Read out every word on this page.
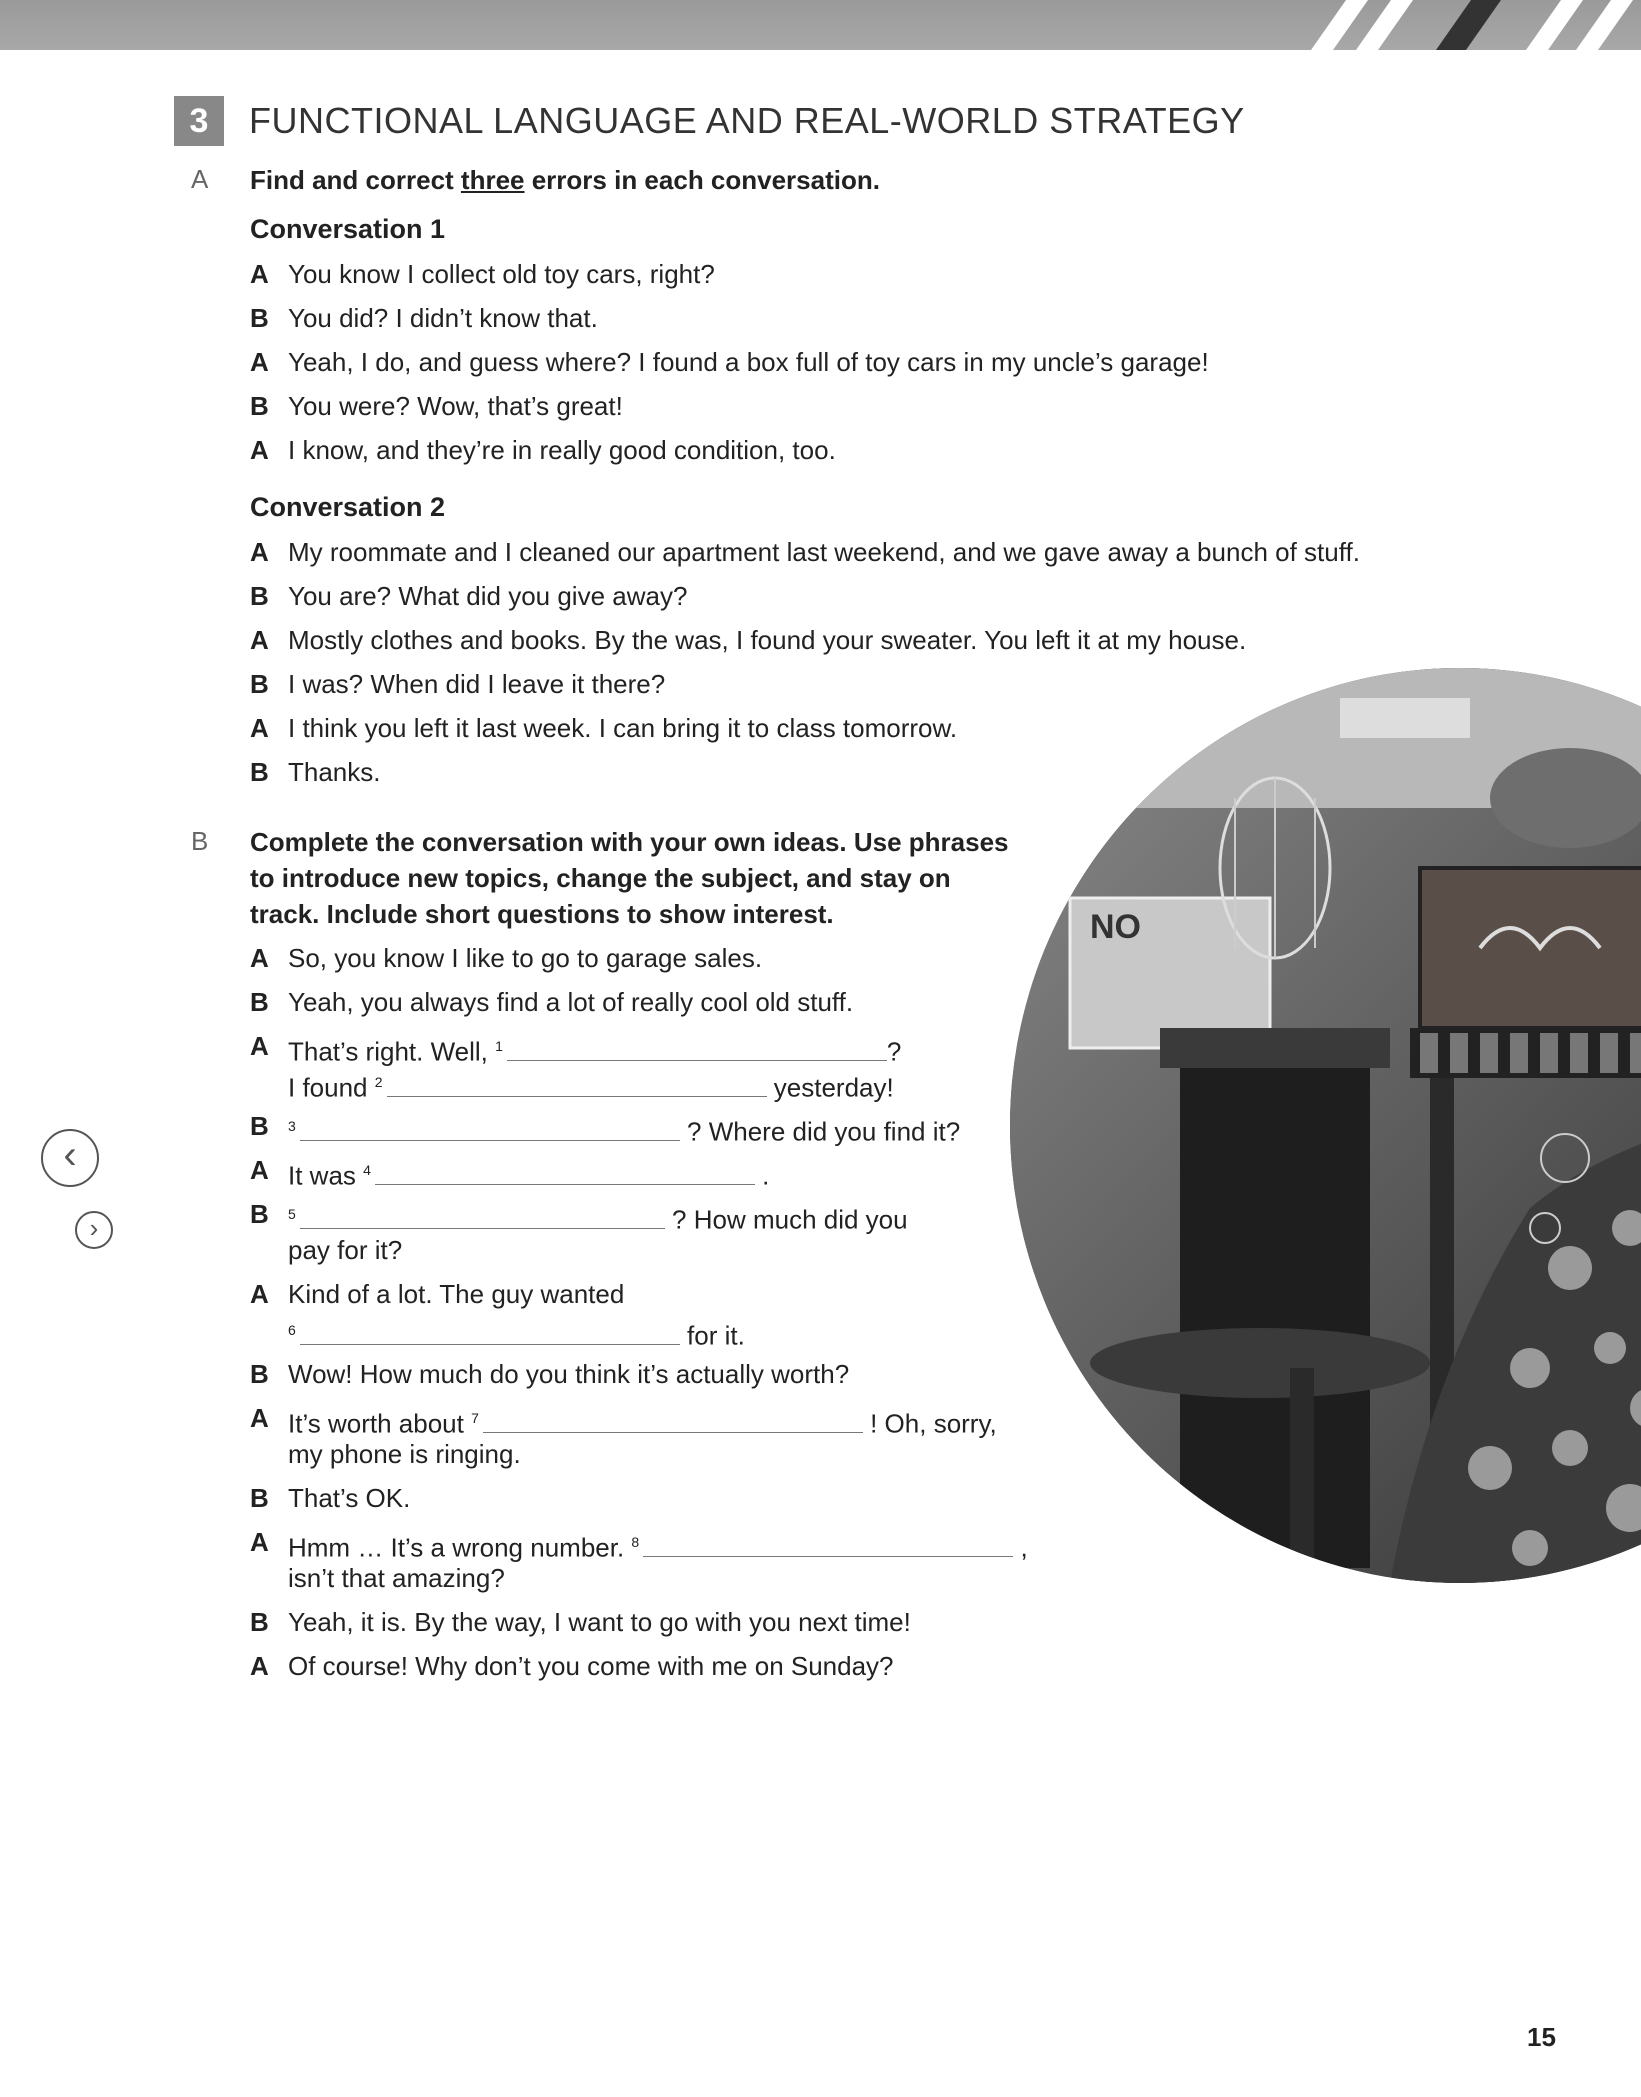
3	FUNCTIONAL LANGUAGE AND REAL-WORLD STRATEGY
A Find and correct three errors in each conversation.
Conversation 1
A You know I collect old toy cars, right?
B You did? I didn’t know that.
A Yeah, I do, and guess where? I found a box full of toy cars in my uncle’s garage!
B You were? Wow, that’s great!
A I know, and they’re in really good condition, too.
Conversation 2
NO
A My roommate and I cleaned our apartment last weekend, and we gave away a bunch of stuff.
B You are? What did you give away?
A Mostly clothes and books. By the was, I found your sweater. You left it at my house.
B I was? When did I leave it there?
A I think you left it last week. I can bring it to class tomorrow.
B Thanks.
B Complete the conversation with your own ideas. Use phrases
to introduce new topics, change the subject, and stay on
track. Include short questions to show interest.
A So, you know I like to go to garage sales.
B Yeah, you always find a lot of really cool old stuff.
A That’s right. Well, $^1$	?
I found $^2$	yesterday!
B $^3$	? Where did you find it?
A It was $^4$	.
B $^5$	? How much did you
pay for it?
A Kind of a lot. The guy wanted
$^6$	for it.
B Wow! How much do you think it’s actually worth?
A It’s worth about $^7$	! Oh, sorry,
my phone is ringing.
B That’s OK.
A Hmm … It’s a wrong number. $^8$	,
isn’t that amazing?
B Yeah, it is. By the way, I want to go with you next time!
A Of course! Why don’t you come with me on Sunday?
‹
›
15
